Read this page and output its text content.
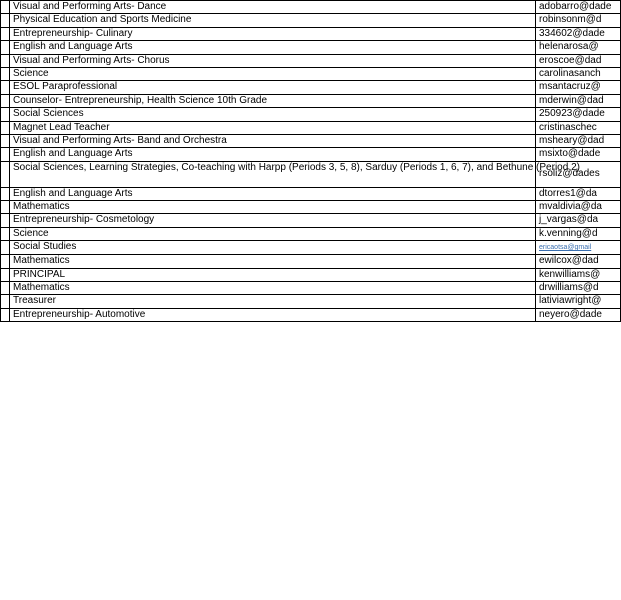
	Visual and Performing Arts- Dance	adobarro@dade
	Physical Education and Sports Medicine	robinsonm@d
	Entrepreneurship- Culinary	334602@dade
	English and Language Arts	helenarosa@
	Visual and Performing Arts- Chorus	eroscoe@dad
	Science	carolinasanch
	ESOL Paraprofessional	msantacruz@
	Counselor- Entrepreneurship, Health Science 10th Grade	mderwin@dad
	Social Sciences	250923@dade
	Magnet Lead Teacher	cristinaschec
	Visual and Performing Arts- Band and Orchestra	msheary@dad
	English and Language Arts	msixto@dade
	Social Sciences, Learning Strategies, Co-teaching with Harpp (Periods 3, 5, 8), Sarduy (Periods 1, 6, 7), and Bethune (Period 2)	rsoliz@dades
	English and Language Arts	dtorres1@da
	Mathematics	mvaldivia@da
	Entrepreneurship- Cosmetology	j_vargas@da
	Science	k.venning@d
	Social Studies	ericaotsa@gmail
	Mathematics	ewilcox@dad
	PRINCIPAL	kenwilliams@
	Mathematics	drwilliams@d
	Treasurer	lativiawright@
	Entrepreneurship- Automotive	neyero@dade
